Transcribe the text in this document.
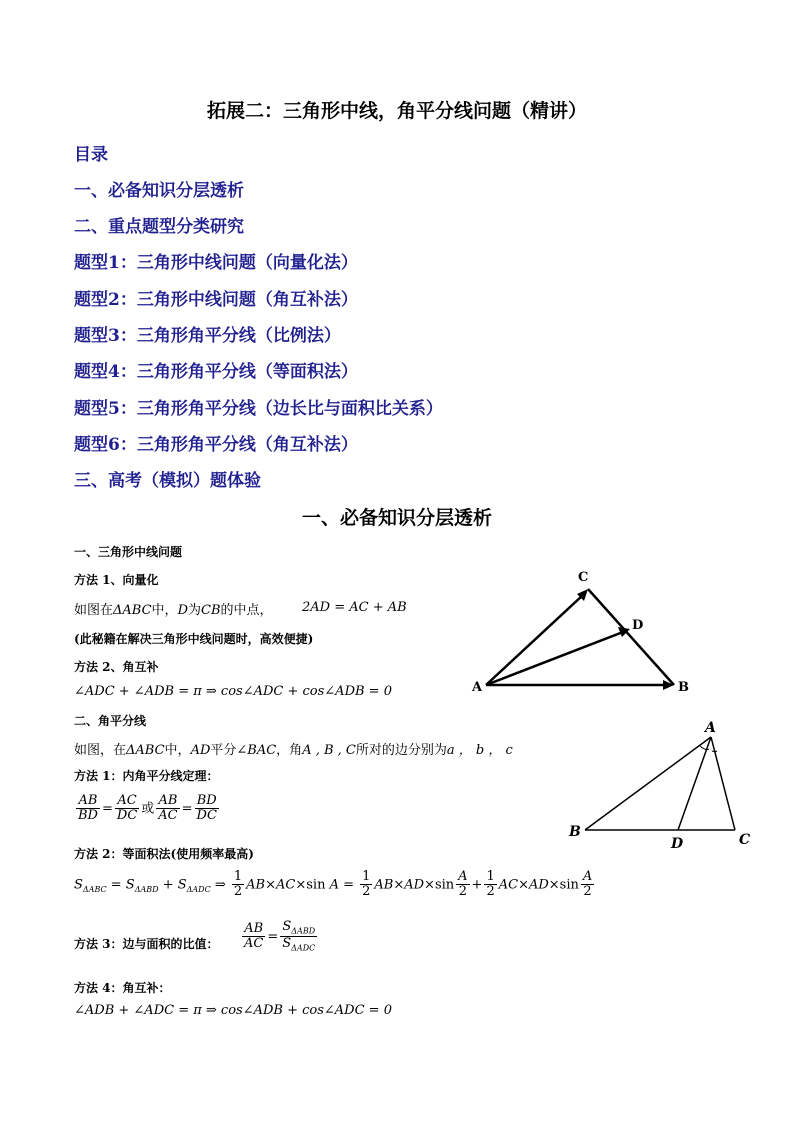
拓展二：三角形中线，角平分线问题（精讲）
目录
一、必备知识分层透析
二、重点题型分类研究
题型1：三角形中线问题（向量化法）
题型2：三角形中线问题（角互补法）
题型3：三角形角平分线（比例法）
题型4：三角形角平分线（等面积法）
题型5：三角形角平分线（边长比与面积比关系）
题型6：三角形角平分线（角互补法）
三、高考（模拟）题体验
一、必备知识分层透析
一、三角形中线问题
方法 1、向量化
如图在ΔABC中，D为CB的中点， 2AD = AC + AB
(此秘籍在解决三角形中线问题时，高效便捷)
方法 2、角互补
∠ADC + ∠ADB = π ⇒ cos∠ADC + cos∠ADB = 0
二、角平分线
如图，在ΔABC中，AD平分∠BAC，角A , B , C所对的边分别为a ， b ， c
方法 1：内角平分线定理：
$\frac{AB}{BD} = \frac{AC}{DC}$ 或 $\frac{AB}{AC} = \frac{BD}{DC}$
方法 2：等面积法(使用频率最高)
$S_{\Delta ABC} = S_{\Delta ABD} + S_{\Delta ADC}$ ⇒ $\frac{1}{2} AB\times AC\times\sin$ $A = \frac{1}{2} AB\times AD\times\sin \frac{A}{2} + \frac{1}{2} AC\times AD\times\sin \frac{A}{2}$
方法 3：边与面积的比值： $\frac{AB}{AC} = \frac{S_{\Delta ABD}}{S_{\Delta ADC}}$
方法 4：角互补：
∠ADB + ∠ADC = π ⇒ cos∠ADB + cos∠ADC = 0
C
D
A	B
A
B
D	C
